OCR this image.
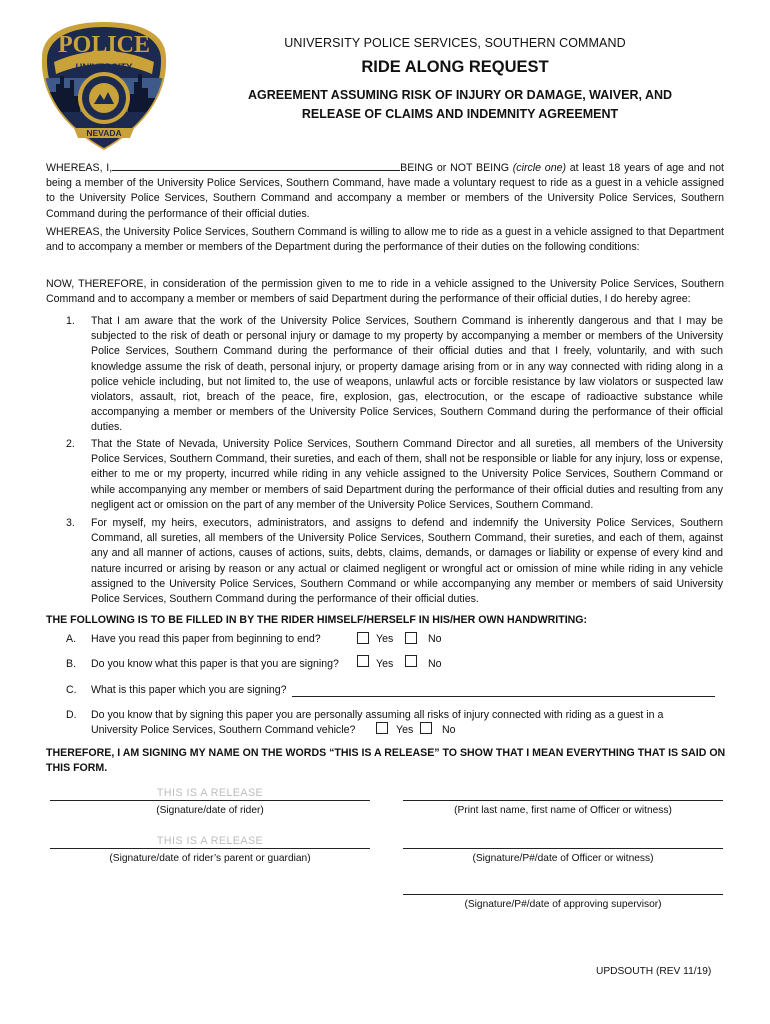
POLICE
UNIVERSITY
NEVADA
UNIVERSITY POLICE SERVICES, SOUTHERN COMMAND
RIDE ALONG REQUEST
AGREEMENT ASSUMING RISK OF INJURY OR DAMAGE, WAIVER, AND
RELEASE OF CLAIMS AND INDEMNITY AGREEMENT
WHEREAS, I,	BEING or NOT BEING (circle one) at least 18 years of age and not being a member of the University Police Services, Southern Command, have made a voluntary request to ride as a guest in a vehicle assigned to the University Police Services, Southern Command and accompany a member or members of the University Police Services, Southern Command during the performance of their official duties.
WHEREAS, the University Police Services, Southern Command is willing to allow me to ride as a guest in a vehicle assigned to that Department and to accompany a member or members of the Department during the performance of their duties on the following conditions:
NOW, THEREFORE, in consideration of the permission given to me to ride in a vehicle assigned to the University Police Services, Southern Command and to accompany a member or members of said Department during the performance of their official duties, I do hereby agree:
1. That I am aware that the work of the University Police Services, Southern Command is inherently dangerous and that I may be subjected to the risk of death or personal injury or damage to my property by accompanying a member or members of the University Police Services, Southern Command during the performance of their official duties and that I freely, voluntarily, and with such knowledge assume the risk of death, personal injury, or property damage arising from or in any way connected with riding along in a police vehicle including, but not limited to, the use of weapons, unlawful acts or forcible resistance by law violators or suspected law violators, assault, riot, breach of the peace, fire, explosion, gas, electrocution, or the escape of radioactive substance while accompanying a member or members of the University Police Services, Southern Command during the performance of their official duties.
2. That the State of Nevada, University Police Services, Southern Command Director and all sureties, all members of the University Police Services, Southern Command, their sureties, and each of them, shall not be responsible or liable for any injury, loss or expense, either to me or my property, incurred while riding in any vehicle assigned to the University Police Services, Southern Command or while accompanying any member or members of said Department during the performance of their official duties and resulting from any negligent act or omission on the part of any member of the University Police Services, Southern Command.
3. For myself, my heirs, executors, administrators, and assigns to defend and indemnify the University Police Services, Southern Command, all sureties, all members of the University Police Services, Southern Command, their sureties, and each of them, against any and all manner of actions, causes of actions, suits, debts, claims, demands, or damages or liability or expense of every kind and nature incurred or arising by reason or any actual or claimed negligent or wrongful act or omission of mine while riding in any vehicle assigned to the University Police Services, Southern Command or while accompanying any member or members of said University Police Services, Southern Command during the performance of their official duties.
THE FOLLOWING IS TO BE FILLED IN BY THE RIDER HIMSELF/HERSELF IN HIS/HER OWN HANDWRITING:
A. Have you read this paper from beginning to end?	Yes	No
B. Do you know what this paper is that you are signing?	Yes	No
C. What is this paper which you are signing?
D. Do you know that by signing this paper you are personally assuming all risks of injury connected with riding as a guest in a
University Police Services, Southern Command vehicle?	Yes	No
THEREFORE, I AM SIGNING MY NAME ON THE WORDS “THIS IS A RELEASE” TO SHOW THAT I MEAN EVERYTHING THAT IS SAID ON THIS FORM.
THIS IS A RELEASE
(Signature/date of rider)	(Print last name, first name of Officer or witness)
THIS IS A RELEASE
(Signature/date of rider’s parent or guardian)	(Signature/P#/date of Officer or witness)
(Signature/P#/date of approving supervisor)
UPDSOUTH (REV 11/19)
